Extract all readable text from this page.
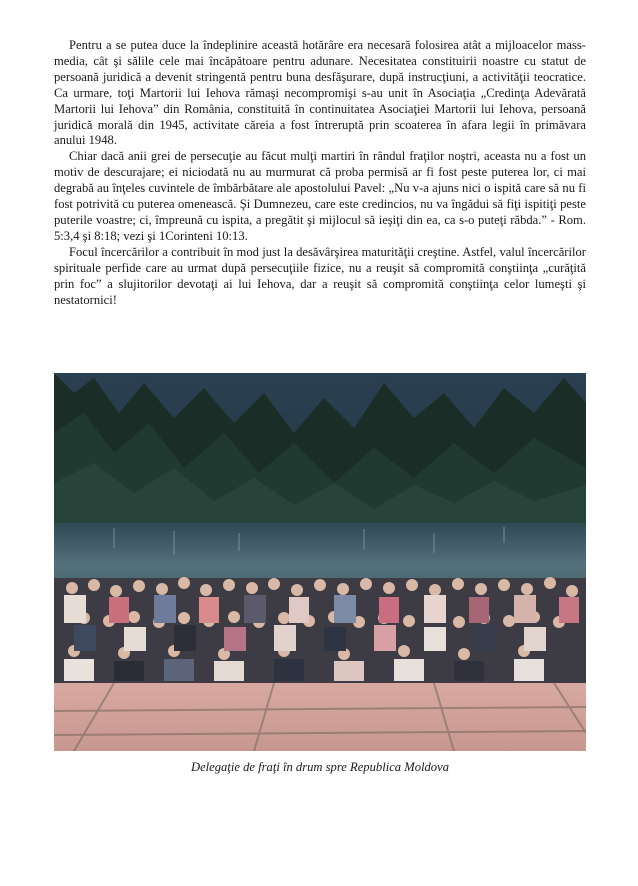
Pentru a se putea duce la îndeplinire această hotărâre era necesară folosirea atât a mijloacelor mass-media, cât şi sălile cele mai încăpătoare pentru adunare. Necesitatea constituirii noastre cu statut de persoană juridică a devenit stringentă pentru buna desfăşurare, după instrucţiuni, a activităţii teocratice. Ca urmare, toţi Martorii lui Iehova rămaşi necompromişi s-au unit în Asociaţia „Credinţa Adevărată Martorii lui Iehova” din România, constituită în continuitatea Asociaţiei Martorii lui Iehova, persoană juridică morală din 1945, activitate căreia a fost întreruptă prin scoaterea în afara legii în primăvara anului 1948.

Chiar dacă anii grei de persecuţie au făcut mulţi martiri în rândul fraţilor noştri, aceasta nu a fost un motiv de descurajare; ei niciodată nu au murmurat că proba permisă ar fi fost peste puterea lor, ci mai degrabă au înţeles cuvintele de îmbărbătare ale apostolului Pavel: „Nu v-a ajuns nici o ispită care să nu fi fost potrivită cu puterea omenească. Şi Dumnezeu, care este credincios, nu va îngădui să fiţi ispitiţi peste puterile voastre; ci, împreună cu ispita, a pregătit şi mijlocul să ieşiţi din ea, ca s-o puteţi răbda.” - Rom. 5:3,4 şi 8:18; vezi şi 1Corinteni 10:13.

Focul încercărilor a contribuit în mod just la desăvârşirea maturităţii creştine. Astfel, valul încercărilor spirituale perfide care au urmat după persecuţiile fizice, nu a reuşit să compromită conştiinţa „curăţită prin foc” a slujitorilor devotaţi ai lui Iehova, dar a reuşit să compromită conştiinţa celor lumeşti şi nestatornici!

Delegaţie de fraţi în drum spre Republica Moldova
